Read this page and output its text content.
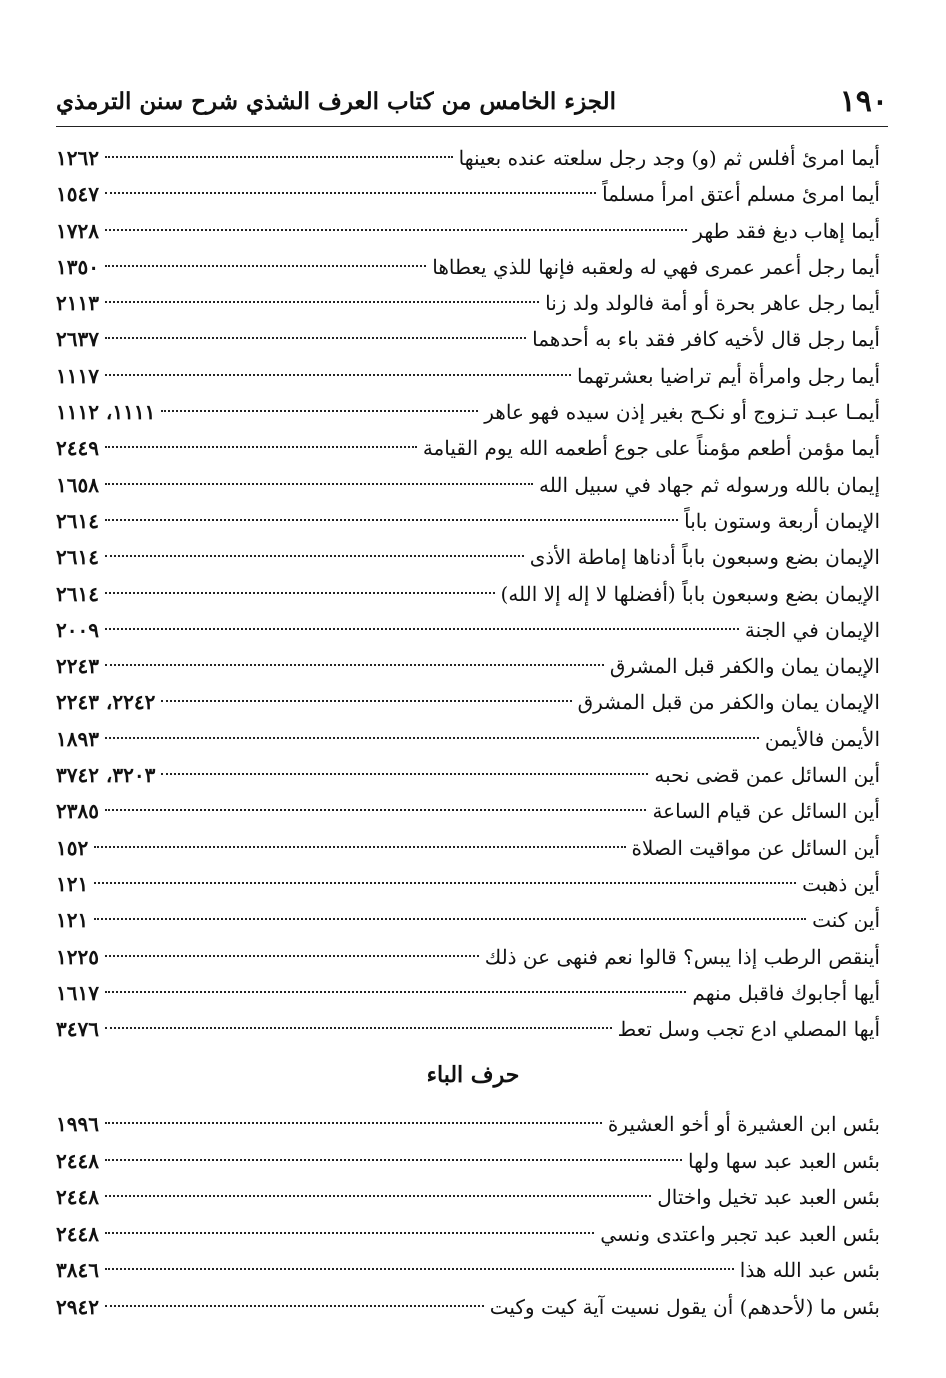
١٩٠
الجزء الخامس من كتاب العرف الشذي شرح سنن الترمذي
أيما امرئ أفلس ثم (و) وجد رجل سلعته عنده بعينها
١٢٦٢
أيما امرئ مسلم أعتق امرأ مسلماً
١٥٤٧
أيما إهاب دبغ فقد طهر
١٧٢٨
أيما رجل أعمر عمرى فهي له ولعقبه فإنها للذي يعطاها
١٣٥٠
أيما رجل عاهر بحرة أو أمة فالولد ولد زنا
٢١١٣
أيما رجل قال لأخيه كافر فقد باء به أحدهما
٢٦٣٧
أيما رجل وامرأة أيم تراضيا بعشرتهما
١١١٧
أيمـا عبـد تـزوج أو نكـح بغير إذن سيده فهو عاهر
١١١١، ١١١٢
أيما مؤمن أطعم مؤمناً على جوع أطعمه الله يوم القيامة
٢٤٤٩
إيمان بالله ورسوله ثم جهاد في سبيل الله
١٦٥٨
الإيمان أربعة وستون باباً
٢٦١٤
الإيمان بضع وسبعون باباً أدناها إماطة الأذى
٢٦١٤
الإيمان بضع وسبعون باباً (أفضلها لا إله إلا الله)
٢٦١٤
الإيمان في الجنة
٢٠٠٩
الإيمان يمان والكفر قبل المشرق
٢٢٤٣
الإيمان يمان والكفر من قبل المشرق
٢٢٤٢، ٢٢٤٣
الأيمن فالأيمن
١٨٩٣
أين السائل عمن قضى نحبه
٣٢٠٣، ٣٧٤٢
أين السائل عن قيام الساعة
٢٣٨٥
أين السائل عن مواقيت الصلاة
١٥٢
أين ذهبت
١٢١
أين كنت
١٢١
أينقص الرطب إذا يبس؟ قالوا نعم فنهى عن ذلك
١٢٢٥
أيها أجابوك فاقبل منهم
١٦١٧
أيها المصلي ادع تجب وسل تعط
٣٤٧٦
حرف الباء
بئس ابن العشيرة أو أخو العشيرة
١٩٩٦
بئس العبد عبد سها ولها
٢٤٤٨
بئس العبد عبد تخيل واختال
٢٤٤٨
بئس العبد عبد تجبر واعتدى ونسي
٢٤٤٨
بئس عبد الله هذا
٣٨٤٦
بئس ما (لأحدهم) أن يقول نسيت آية كيت وكيت
٢٩٤٢
